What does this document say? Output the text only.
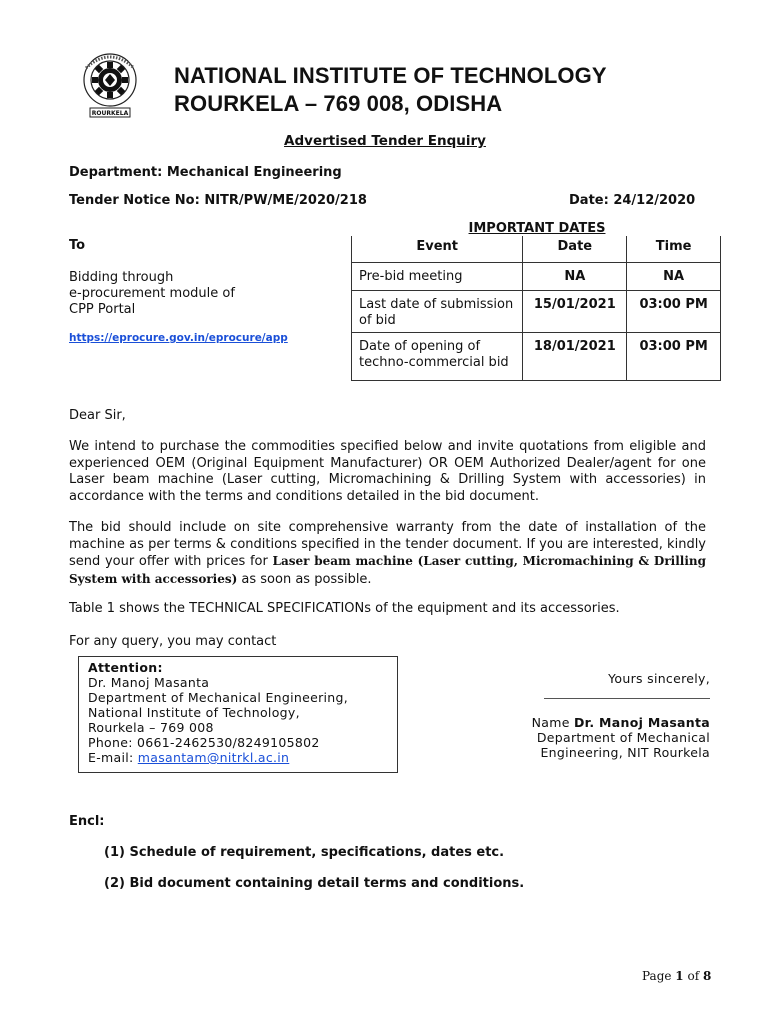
ROURKELA
NATIONAL INSTITUTE OF TECHNOLOGY
ROURKELA – 769 008, ODISHA
Advertised Tender Enquiry
Department: Mechanical Engineering
Tender Notice No: NITR/PW/ME/2020/218	Date: 24/12/2020
To
Bidding through
e-procurement module of
CPP Portal
https://eprocure.gov.in/eprocure/app
IMPORTANT DATES
Event	Date	Time
Pre-bid meeting	NA	NA
Last date of submission of bid	15/01/2021	03:00 PM
Date of opening of techno-commercial bid	18/01/2021	03:00 PM
Dear Sir,
We intend to purchase the commodities specified below and invite quotations from eligible and experienced OEM (Original Equipment Manufacturer) OR OEM Authorized Dealer/agent for one Laser beam machine (Laser cutting, Micromachining & Drilling System with accessories) in accordance with the terms and conditions detailed in the bid document.
The bid should include on site comprehensive warranty from the date of installation of the machine as per terms & conditions specified in the tender document. If you are interested, kindly send your offer with prices for Laser beam machine (Laser cutting, Micromachining & Drilling System with accessories) as soon as possible.
Table 1 shows the TECHNICAL SPECIFICATIONs of the equipment and its accessories.
For any query, you may contact
Attention:
Dr. Manoj Masanta
Department of Mechanical Engineering,
National Institute of Technology,
Rourkela – 769 008
Phone: 0661-2462530/8249105802
E-mail: masantam@nitrkl.ac.in
Yours sincerely,
Name Dr. Manoj Masanta
Department of Mechanical
Engineering, NIT Rourkela
Encl:
(1) Schedule of requirement, specifications, dates etc.
(2) Bid document containing detail terms and conditions.
Page 1 of 8
